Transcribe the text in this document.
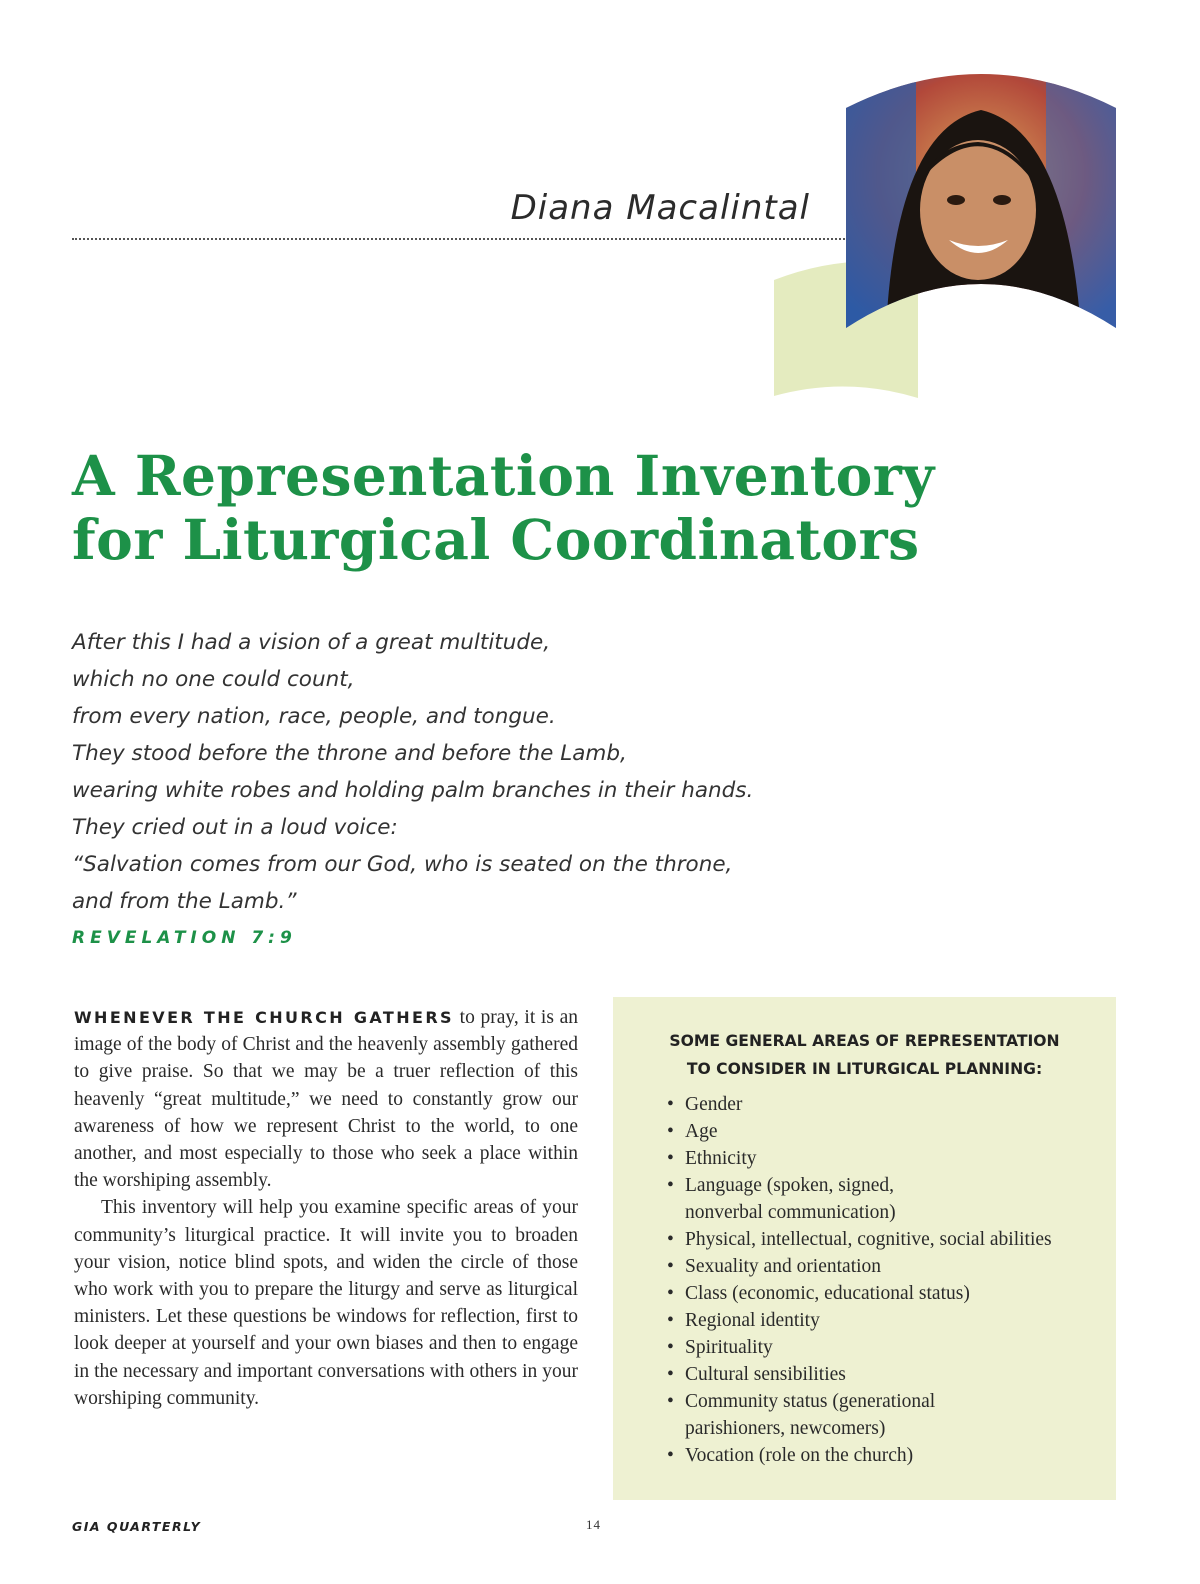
Diana Macalintal
A Representation Inventory
for Liturgical Coordinators
After this I had a vision of a great multitude,
which no one could count,
from every nation, race, people, and tongue.
They stood before the throne and before the Lamb,
wearing white robes and holding palm branches in their hands.
They cried out in a loud voice:
“Salvation comes from our God, who is seated on the throne,
and from the Lamb.”
REVELATION 7:9

WHENEVER THE CHURCH GATHERS to pray, it is an image of the body of Christ and the heavenly assembly gathered to give praise. So that we may be a truer reflection of this heavenly “great multitude,” we need to constantly grow our awareness of how we represent Christ to the world, to one another, and most especially to those who seek a place within the worshiping assembly.

This inventory will help you examine specific areas of your community’s liturgical practice. It will invite you to broaden your vision, notice blind spots, and widen the circle of those who work with you to prepare the liturgy and serve as liturgical ministers. Let these questions be windows for reflection, first to look deeper at yourself and your own biases and then to engage in the necessary and important conversations with others in your worshiping community.

SOME GENERAL AREAS OF REPRESENTATION
TO CONSIDER IN LITURGICAL PLANNING:
• Gender
• Age
• Ethnicity
• Language (spoken, signed, nonverbal communication)
• Physical, intellectual, cognitive, social abilities
• Sexuality and orientation
• Class (economic, educational status)
• Regional identity
• Spirituality
• Cultural sensibilities
• Community status (generational parishioners, newcomers)
• Vocation (role on the church)
GIA QUARTERLY	14
